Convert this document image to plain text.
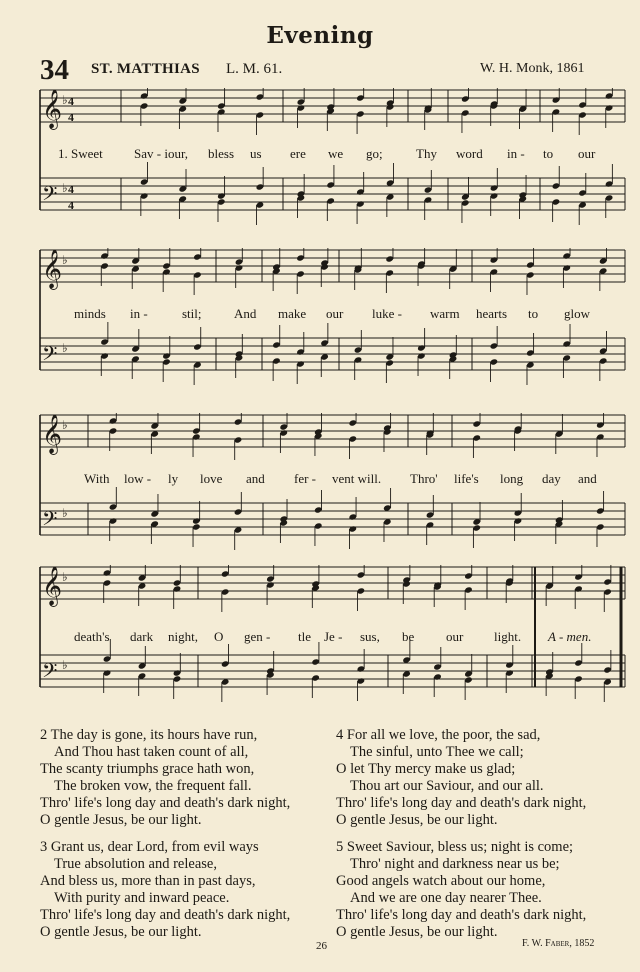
Evening
34 ST. MATTHIAS L. M. 61.	W. H. Monk, 1861
𝄞 ♭ 4
4
𝄢 ♭ 4
4
1. Sweet Sav - iour, bless us ere we go;	Thy word in - to our
𝄞 ♭
𝄢 ♭
minds in -	stil; And make our luke - warm hearts to glow
𝄞 ♭
𝄢 ♭
With low - ly love and fer - vent will. Thro' life's long day and
𝄞 ♭
𝄢 ♭
death's dark night, O gen - tle Je - sus, be our light. A - men.
2 The day is gone, its hours have run,
And Thou hast taken count of all,
The scanty triumphs grace hath won,
The broken vow, the frequent fall.
Thro' life's long day and death's dark night,
O gentle Jesus, be our light.
3 Grant us, dear Lord, from evil ways
True absolution and release,
And bless us, more than in past days,
With purity and inward peace.
Thro' life's long day and death's dark night,
O gentle Jesus, be our light.
4 For all we love, the poor, the sad,
The sinful, unto Thee we call;
O let Thy mercy make us glad;
Thou art our Saviour, and our all.
Thro' life's long day and death's dark night,
O gentle Jesus, be our light.
5 Sweet Saviour, bless us; night is come;
Thro' night and darkness near us be;
Good angels watch about our home,
And we are one day nearer Thee.
Thro' life's long day and death's dark night,
O gentle Jesus, be our light.
26	F. W. Faber, 1852
